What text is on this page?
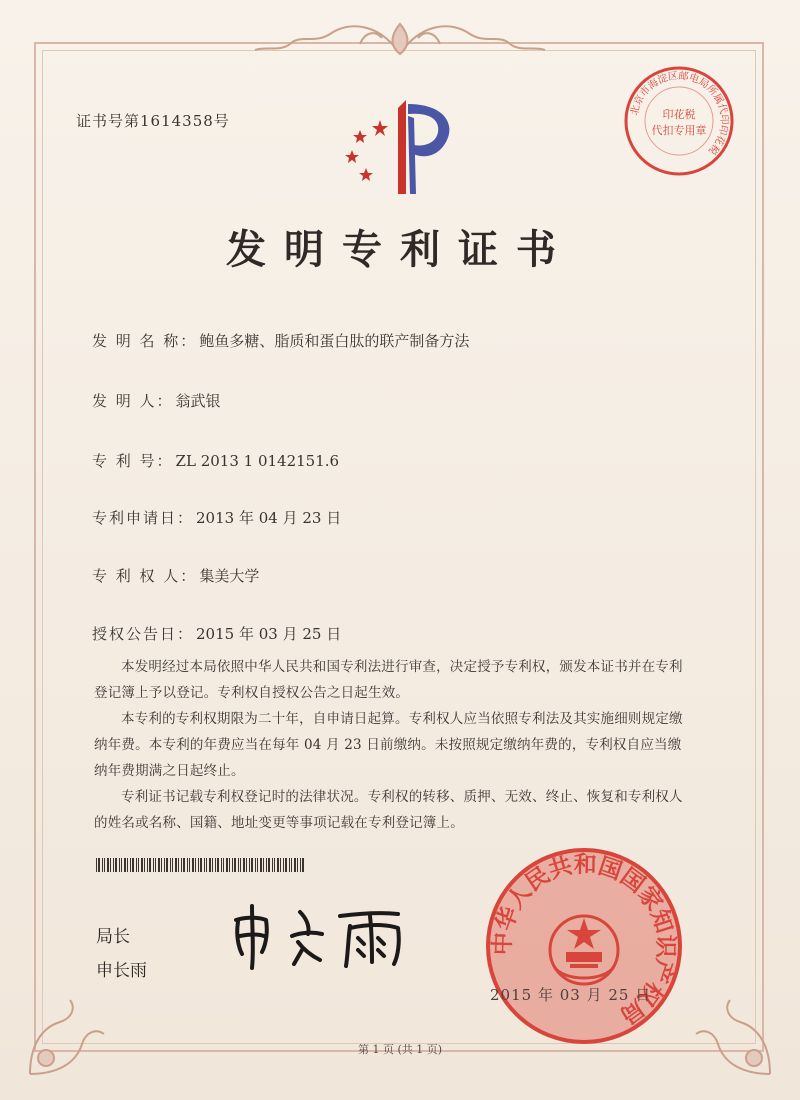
证书号第1614358号
发明专利证书
发 明 名 称： 鲍鱼多糖、脂质和蛋白肽的联产制备方法
发 明 人： 翁武银
专 利 号： ZL 2013 1 0142151.6
专利申请日： 2013 年 04 月 23 日
专 利 权 人： 集美大学
授权公告日： 2015 年 03 月 25 日

本发明经过本局依照中华人民共和国专利法进行审查，决定授予专利权，颁发本证书并在专利登记簿上予以登记。专利权自授权公告之日起生效。

本专利的专利权期限为二十年，自申请日起算。专利权人应当依照专利法及其实施细则规定缴纳年费。本专利的年费应当在每年 04 月 23 日前缴纳。未按照规定缴纳年费的，专利权自应当缴纳年费期满之日起终止。

专利证书记载专利权登记时的法律状况。专利权的转移、质押、无效、终止、恢复和专利权人的姓名或名称、国籍、地址变更等事项记载在专利登记簿上。

局长
申长雨
北京市海淀区邮电局所属代印印花税
印花税
代扣专用章
中华人民共和国国家知识产权局
2015 年 03 月 25 日
第 1 页 (共 1 页)
